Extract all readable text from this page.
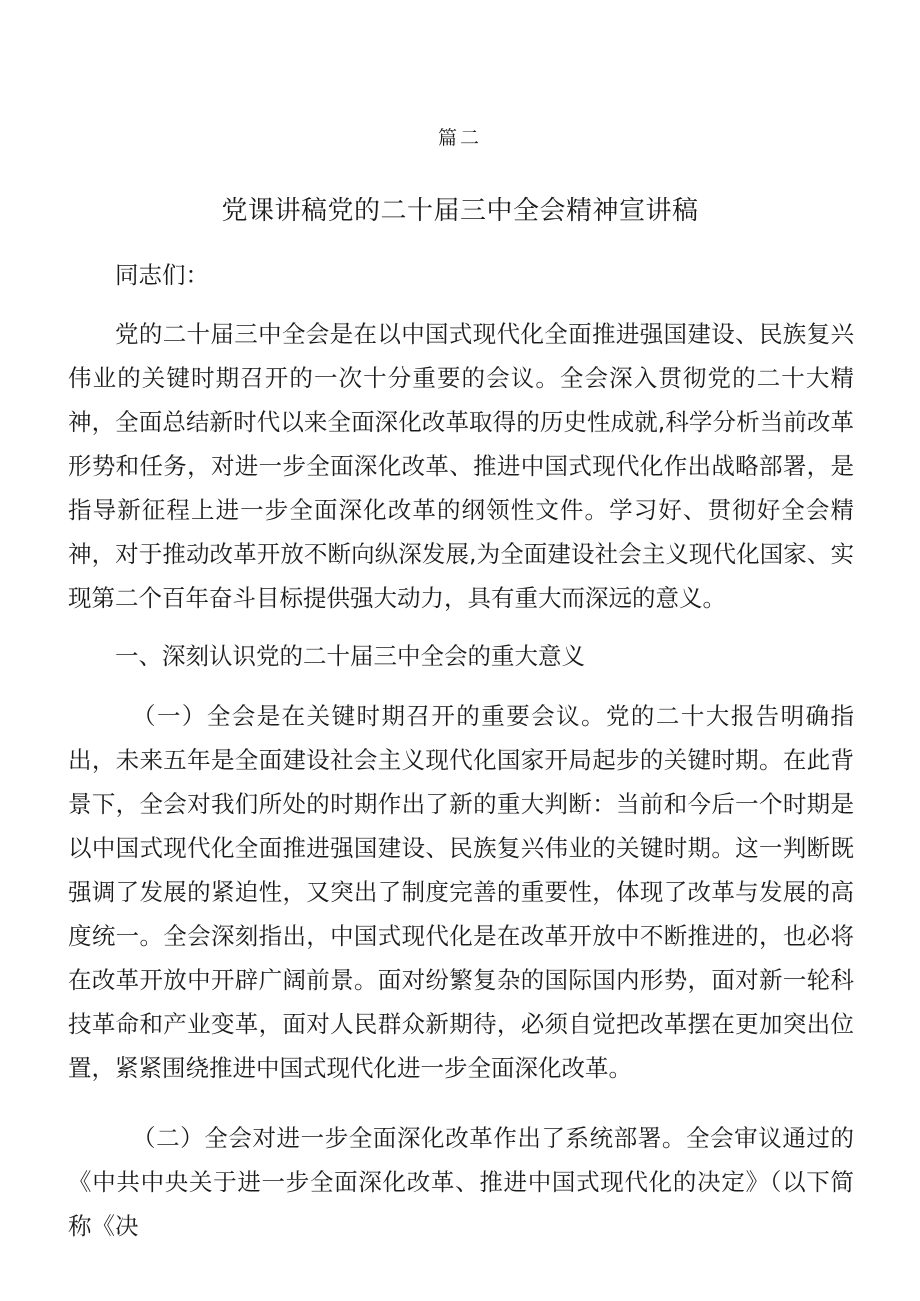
篇二
党课讲稿党的二十届三中全会精神宣讲稿

同志们：

党的二十届三中全会是在以中国式现代化全面推进强国建设、民族复兴伟业的关键时期召开的一次十分重要的会议。全会深入贯彻党的二十大精神，全面总结新时代以来全面深化改革取得的历史性成就,科学分析当前改革形势和任务，对进一步全面深化改革、推进中国式现代化作出战略部署，是指导新征程上进一步全面深化改革的纲领性文件。学习好、贯彻好全会精神，对于推动改革开放不断向纵深发展,为全面建设社会主义现代化国家、实现第二个百年奋斗目标提供强大动力，具有重大而深远的意义。

一、深刻认识党的二十届三中全会的重大意义

（一）全会是在关键时期召开的重要会议。党的二十大报告明确指出，未来五年是全面建设社会主义现代化国家开局起步的关键时期。在此背景下，全会对我们所处的时期作出了新的重大判断：当前和今后一个时期是以中国式现代化全面推进强国建设、民族复兴伟业的关键时期。这一判断既强调了发展的紧迫性，又突出了制度完善的重要性，体现了改革与发展的高度统一。全会深刻指出，中国式现代化是在改革开放中不断推进的，也必将在改革开放中开辟广阔前景。面对纷繁复杂的国际国内形势，面对新一轮科技革命和产业变革，面对人民群众新期待，必须自觉把改革摆在更加突出位置，紧紧围绕推进中国式现代化进一步全面深化改革。

（二）全会对进一步全面深化改革作出了系统部署。全会审议通过的《中共中央关于进一步全面深化改革、推进中国式现代化的决定》（以下简称《决
